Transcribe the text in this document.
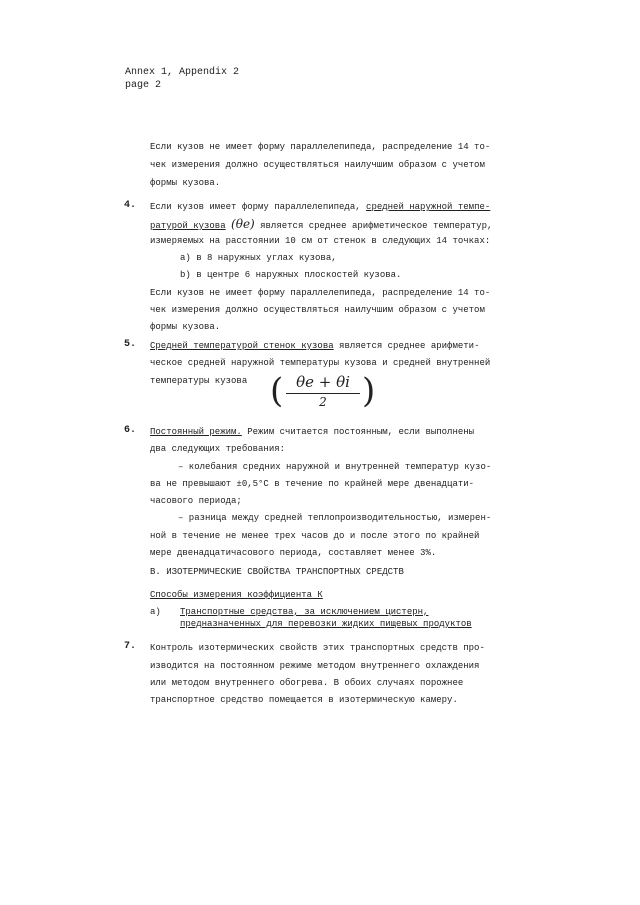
Annex 1, Appendix 2
page 2
Если кузов не имеет форму параллелепипеда, распределение 14 то-
чек измерения должно осуществляться наилучшим образом с учетом
формы кузова.
4. Если кузов имеет форму параллелепипеда, средней наружной темпе-
ратурой кузова (θe) является среднее арифметическое температур,
измеряемых на расстоянии 10 см от стенок в следующих 14 точках:
а) в 8 наружных углах кузова,
b) в центре 6 наружных плоскостей кузова.
Если кузов не имеет форму параллелепипеда, распределение 14 то-
чек измерения должно осуществляться наилучшим образом с учетом
формы кузова.
5. Средней температурой стенок кузова является среднее арифмети-
ческое средней наружной температуры кузова и средней внутренней
температуры кузова ( θe + θi
2	)
6. Постоянный режим. Режим считается постоянным, если выполнены
два следующих требования:
– колебания средних наружной и внутренней температур кузо-
ва не превышают ±0,5°С в течение по крайней мере двенадцати-
часового периода;
– разница между средней теплопроизводительностью, измерен-
ной в течение не менее трех часов до и после этого по крайней
мере двенадцатичасового периода, составляет менее 3%.
В. ИЗОТЕРМИЧЕСКИЕ СВОЙСТВА ТРАНСПОРТНЫХ СРЕДСТВ
Способы измерения коэффициента К
а) Транспортные средства, за исключением цистерн,
предназначенных для перевозки жидких пищевых продуктов
7. Контроль изотермических свойств этих транспортных средств про-
изводится на постоянном режиме методом внутреннего охлаждения
или методом внутреннего обогрева. В обоих случаях порожнее
транспортное средство помещается в изотермическую камеру.
